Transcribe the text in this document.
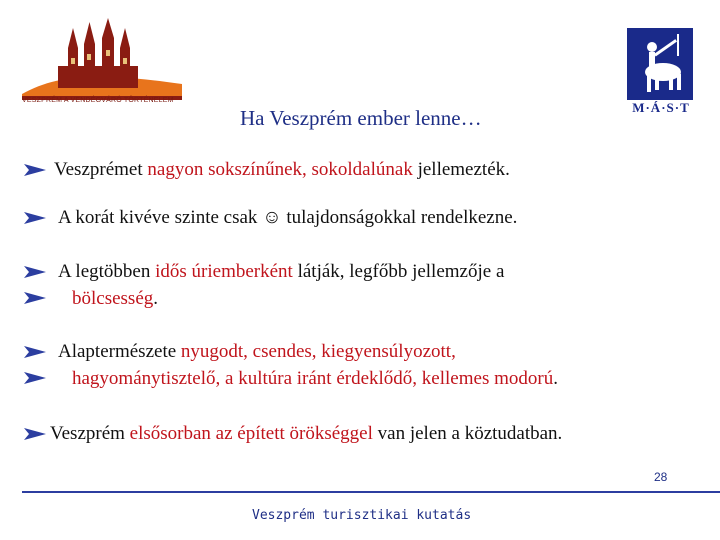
VESZPRÉM A VENDÉGVÁRÓ TÖRTÉNELEM	M·Á·S·T
Ha Veszprém ember lenne…
Veszprémet nagyon sokszínűnek, sokoldalúnak jellemezték.
A korát kivéve szinte csak ☺ tulajdonságokkal rendelkezne.
A legtöbben idős úriemberként látják, legfőbb jellemzője a
bölcsesség.
Alaptermészete nyugodt, csendes, kiegyensúlyozott,
hagyománytisztelő, a kultúra iránt érdeklődő, kellemes modorú.
Veszprém elsősorban az épített örökséggel van jelen a köztudatban.
28
Veszprém turisztikai kutatás
